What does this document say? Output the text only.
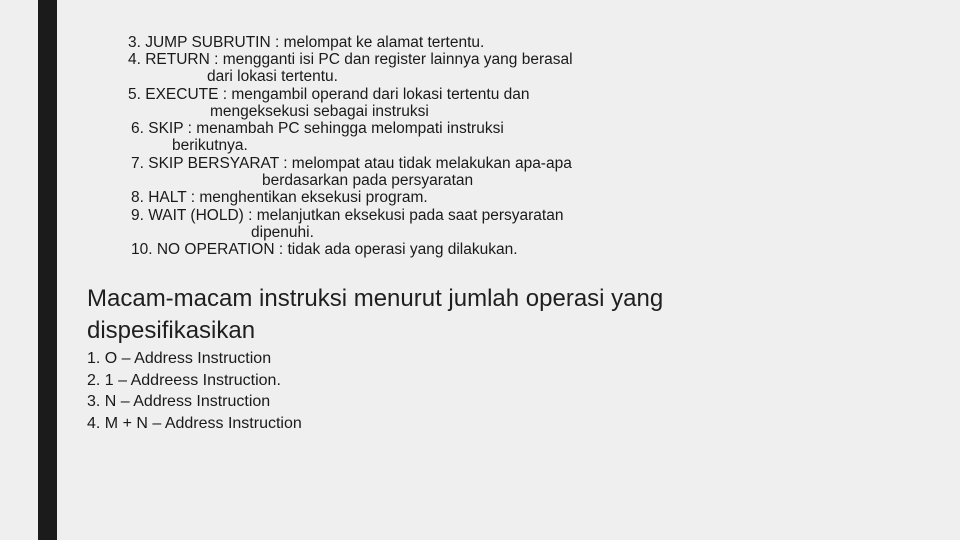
3. JUMP SUBRUTIN : melompat ke alamat tertentu.
4. RETURN : mengganti isi PC dan register lainnya yang berasal
dari lokasi tertentu.
5. EXECUTE : mengambil operand dari lokasi tertentu dan
mengeksekusi sebagai instruksi
6. SKIP : menambah PC sehingga melompati instruksi
berikutnya.
7. SKIP BERSYARAT : melompat atau tidak melakukan apa-apa
berdasarkan pada persyaratan
8. HALT : menghentikan eksekusi program.
9. WAIT (HOLD) : melanjutkan eksekusi pada saat persyaratan
dipenuhi.
10. NO OPERATION : tidak ada operasi yang dilakukan.
Macam-macam instruksi menurut jumlah operasi yang dispesifikasikan
1. O – Address Instruction
2. 1 – Addreess Instruction.
3. N – Address Instruction
4. M + N – Address Instruction
